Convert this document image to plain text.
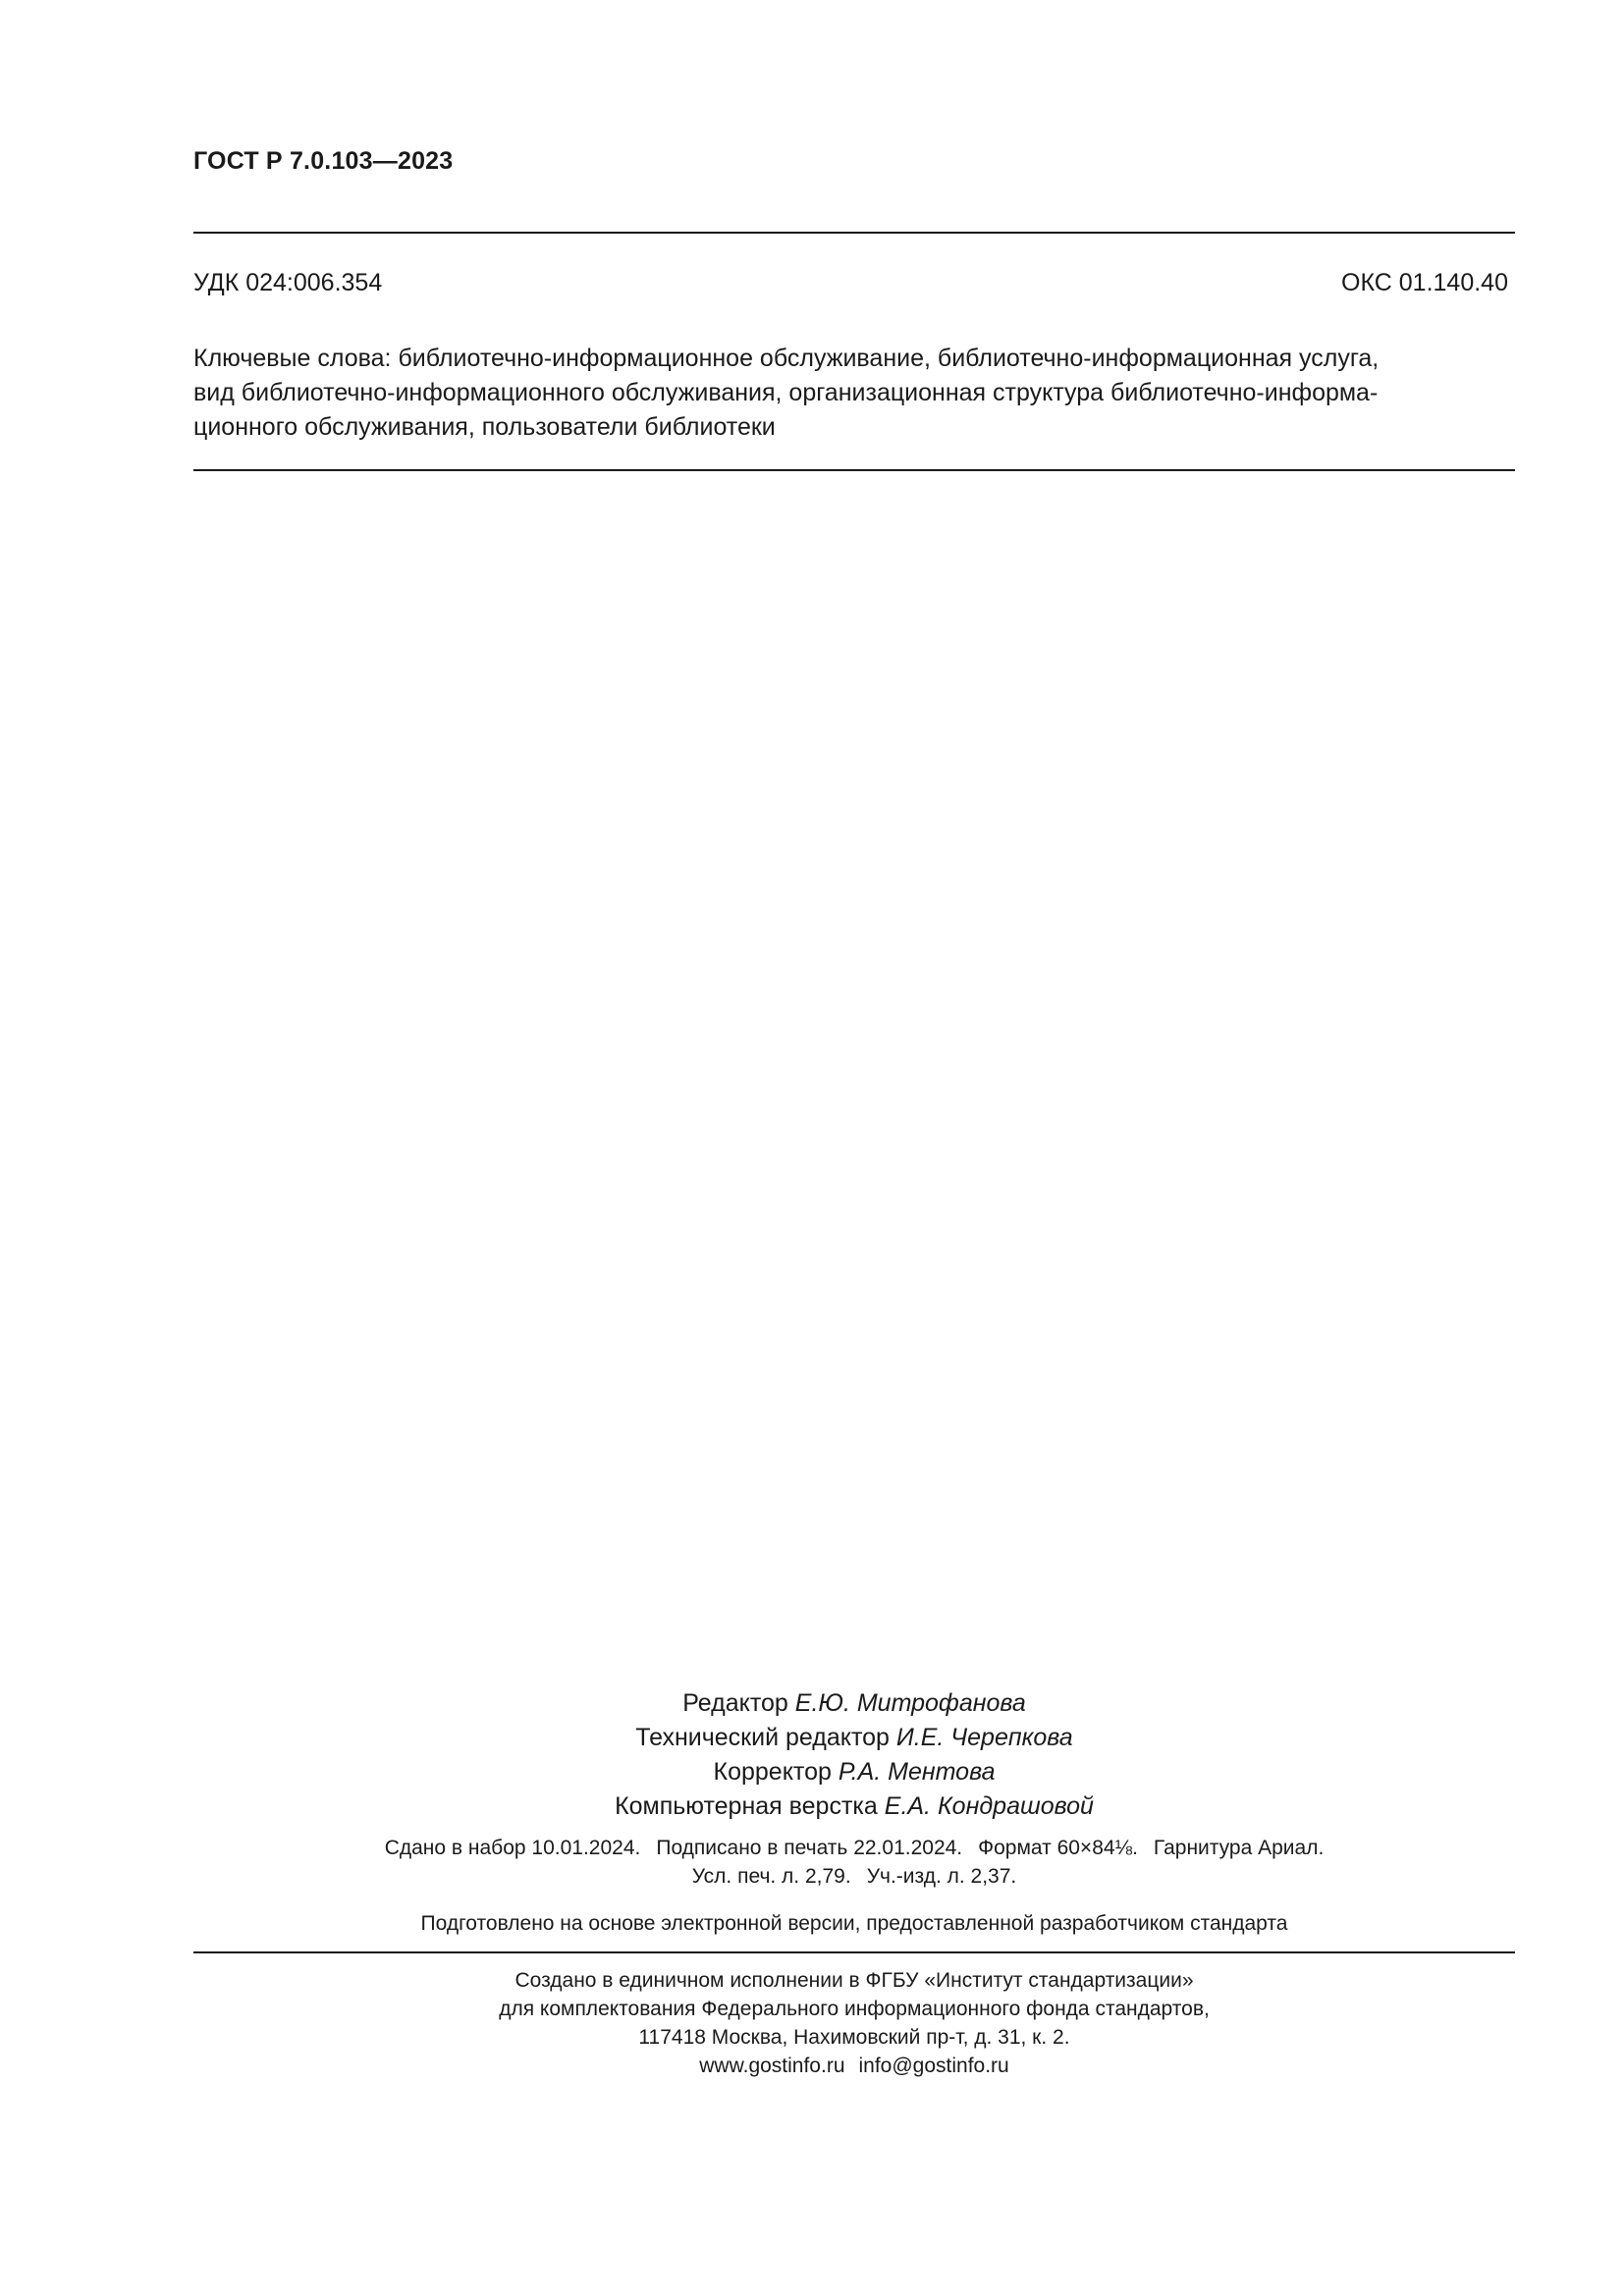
ГОСТ Р 7.0.103—2023
УДК 024:006.354	ОКС 01.140.40
Ключевые слова: библиотечно-информационное обслуживание, библиотечно-информационная услуга,
вид библиотечно-информационного обслуживания, организационная структура библиотечно-информа-
ционного обслуживания, пользователи библиотеки
Редактор Е.Ю. Митрофанова
Технический редактор И.Е. Черепкова
Корректор Р.А. Ментова
Компьютерная верстка Е.А. Кондрашовой
Сдано в набор 10.01.2024. Подписано в печать 22.01.2024. Формат 60×84⅛. Гарнитура Ариал.
Усл. печ. л. 2,79. Уч.-изд. л. 2,37.
Подготовлено на основе электронной версии, предоставленной разработчиком стандарта
Создано в единичном исполнении в ФГБУ «Институт стандартизации»
для комплектования Федерального информационного фонда стандартов,
117418 Москва, Нахимовский пр-т, д. 31, к. 2.
www.gostinfo.ru info@gostinfo.ru
